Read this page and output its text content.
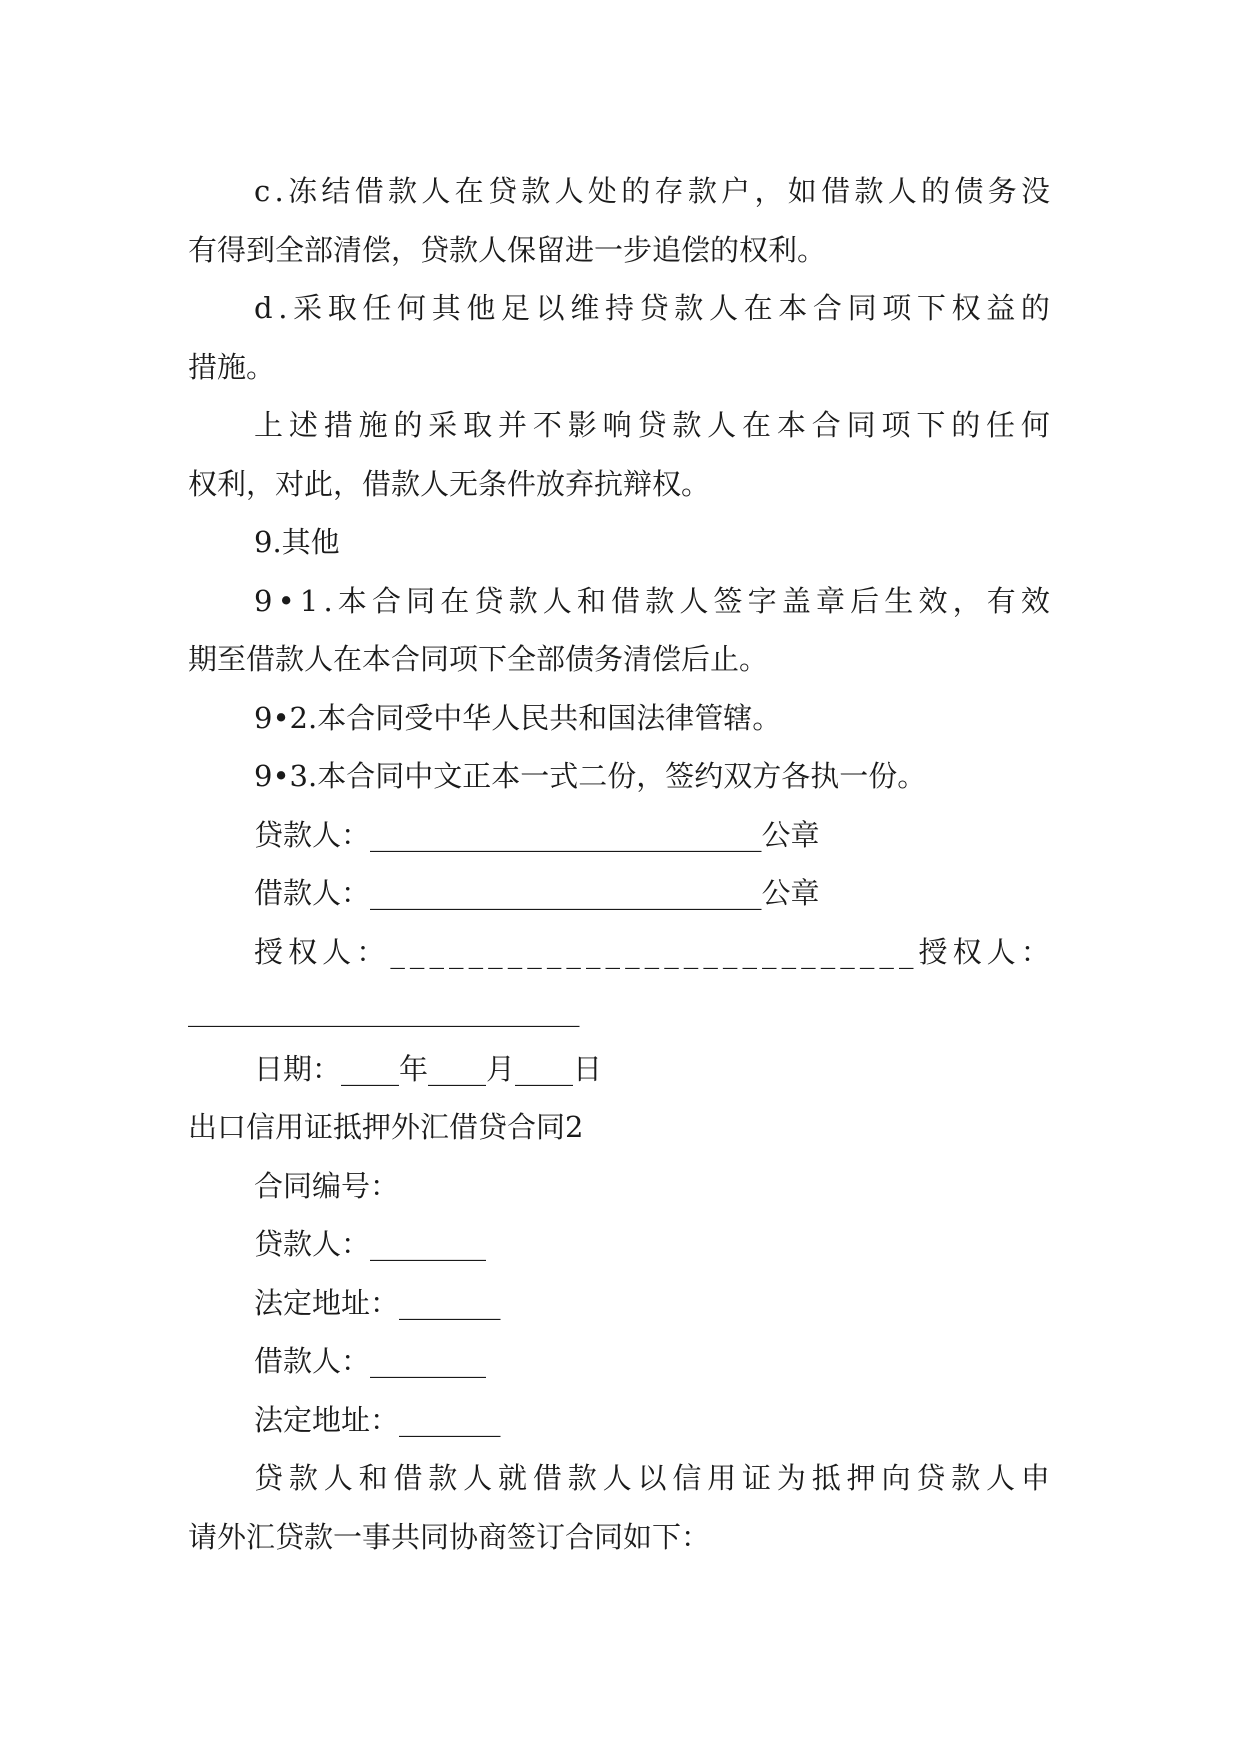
c . 冻 结 借 款 人 在 贷 款 人 处 的 存 款 户 ， 如 借 款 人 的 债 务 没
有得到全部清偿，贷款人保留进一步追偿的权利。
d . 采 取 任 何 其 他 足 以 维 持 贷 款 人 在 本 合 同 项 下 权 益 的
措施。
上 述 措 施 的 采 取 并 不 影 响 贷 款 人 在 本 合 同 项 下 的 任 何
权利，对此，借款人无条件放弃抗辩权。
9.其他
9 • 1 . 本 合 同 在 贷 款 人 和 借 款 人 签 字 盖 章 后 生 效 ， 有 效
期至借款人在本合同项下全部债务清偿后止。
9•2.本合同受中华人民共和国法律管辖。
9•3.本合同中文正本一式二份，签约双方各执一份。
贷款人：___________________________公章
借款人：___________________________公章
授 权 人 ： _ _ _ _ _ _ _ _ _ _ _ _ _ _ _ _ _ _ _ _ _ _ _ _ _ _ _ 授 权 人 ：
___________________________
日期：____年____月____日
出口信用证抵押外汇借贷合同2
合同编号：
贷款人：________
法定地址：_______
借款人：________
法定地址：_______
贷 款 人 和 借 款 人 就 借 款 人 以 信 用 证 为 抵 押 向 贷 款 人 申
请外汇贷款一事共同协商签订合同如下：
